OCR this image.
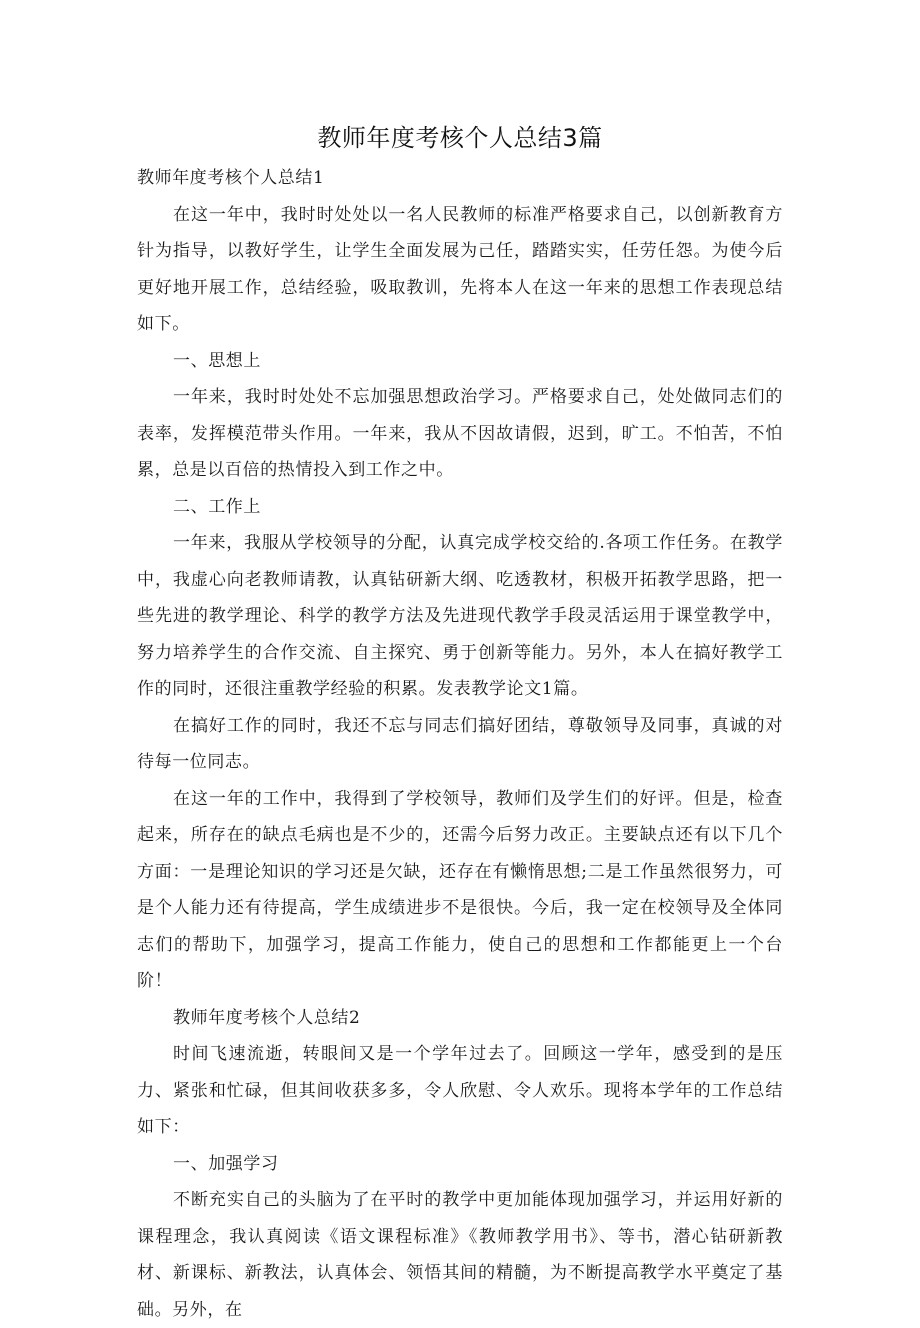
教师年度考核个人总结3篇

教师年度考核个人总结1

在这一年中，我时时处处以一名人民教师的标准严格要求自己，以创新教育方针为指导，以教好学生，让学生全面发展为己任，踏踏实实，任劳任怨。为使今后更好地开展工作，总结经验，吸取教训，先将本人在这一年来的思想工作表现总结如下。

一、思想上

一年来，我时时处处不忘加强思想政治学习。严格要求自己，处处做同志们的表率，发挥模范带头作用。一年来，我从不因故请假，迟到，旷工。不怕苦，不怕累，总是以百倍的热情投入到工作之中。

二、工作上

一年来，我服从学校领导的分配，认真完成学校交给的.各项工作任务。在教学中，我虚心向老教师请教，认真钻研新大纲、吃透教材，积极开拓教学思路，把一些先进的教学理论、科学的教学方法及先进现代教学手段灵活运用于课堂教学中，努力培养学生的合作交流、自主探究、勇于创新等能力。另外，本人在搞好教学工作的同时，还很注重教学经验的积累。发表教学论文1篇。

在搞好工作的同时，我还不忘与同志们搞好团结，尊敬领导及同事，真诚的对待每一位同志。

在这一年的工作中，我得到了学校领导，教师们及学生们的好评。但是，检查起来，所存在的缺点毛病也是不少的，还需今后努力改正。主要缺点还有以下几个方面：一是理论知识的学习还是欠缺，还存在有懒惰思想;二是工作虽然很努力，可是个人能力还有待提高，学生成绩进步不是很快。今后，我一定在校领导及全体同志们的帮助下，加强学习，提高工作能力，使自己的思想和工作都能更上一个台阶！

教师年度考核个人总结2

时间飞速流逝，转眼间又是一个学年过去了。回顾这一学年，感受到的是压力、紧张和忙碌，但其间收获多多，令人欣慰、令人欢乐。现将本学年的工作总结如下：

一、加强学习

不断充实自己的头脑为了在平时的教学中更加能体现加强学习，并运用好新的课程理念，我认真阅读《语文课程标准》《教师教学用书》、等书，潜心钻研新教材、新课标、新教法，认真体会、领悟其间的精髓，为不断提高教学水平奠定了基础。另外，在
